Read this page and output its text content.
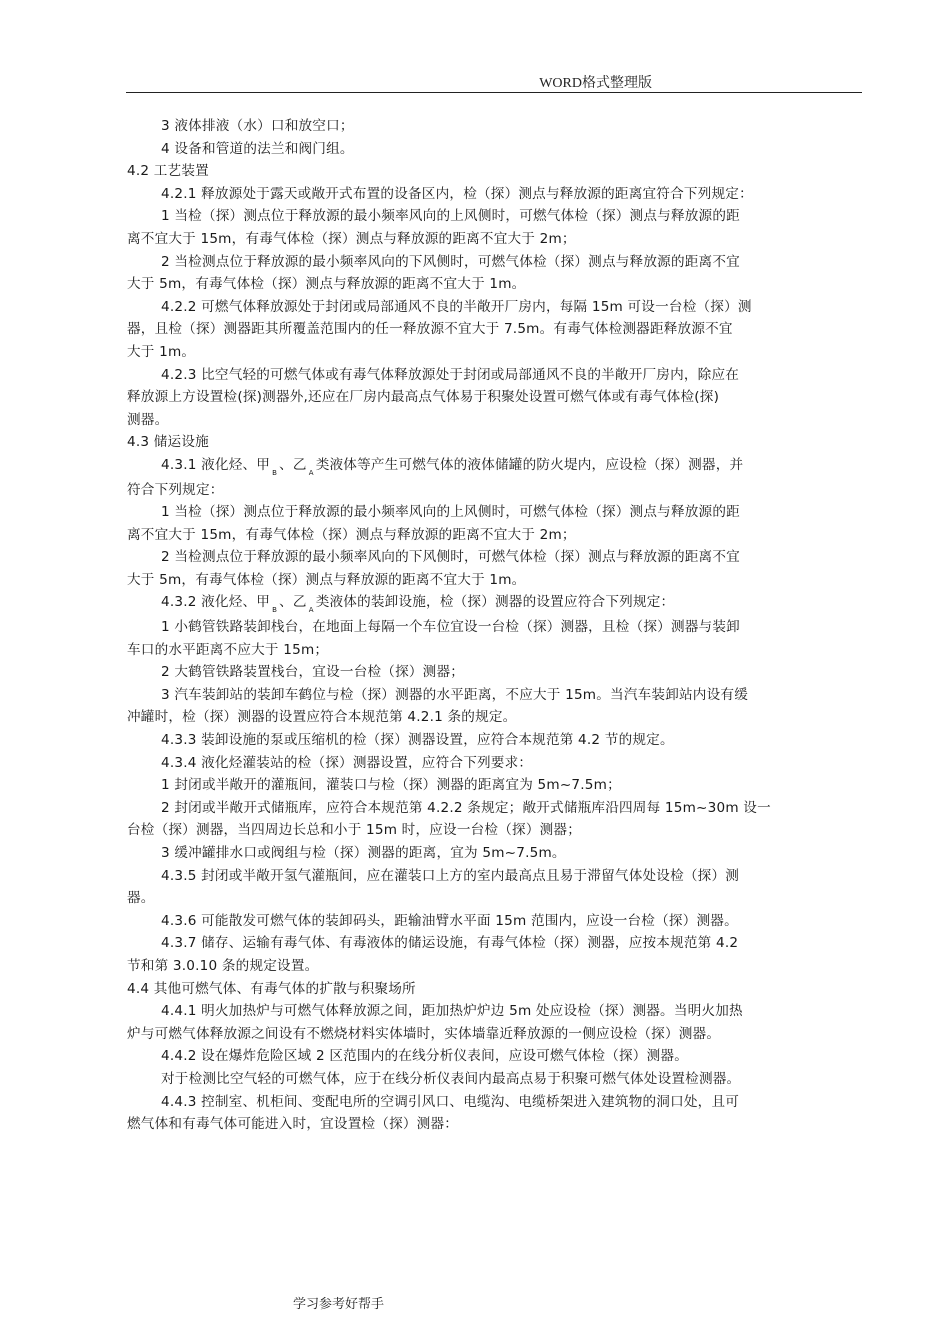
WORD格式整理版
3 液体排液（水）口和放空口；
4 设备和管道的法兰和阀门组。
4.2 工艺装置
4.2.1 释放源处于露天或敞开式布置的设备区内，检（探）测点与释放源的距离宜符合下列规定：
1 当检（探）测点位于释放源的最小频率风向的上风侧时，可燃气体检（探）测点与释放源的距
离不宜大于 15m，有毒气体检（探）测点与释放源的距离不宜大于 2m；
2 当检测点位于释放源的最小频率风向的下风侧时，可燃气体检（探）测点与释放源的距离不宜
大于 5m，有毒气体检（探）测点与释放源的距离不宜大于 1m。
4.2.2 可燃气体释放源处于封闭或局部通风不良的半敞开厂房内，每隔 15m 可设一台检（探）测
器，且检（探）测器距其所覆盖范围内的任一释放源不宜大于 7.5m。有毒气体检测器距释放源不宜
大于 1m。
4.2.3 比空气轻的可燃气体或有毒气体释放源处于封闭或局部通风不良的半敞开厂房内，除应在
释放源上方设置检(探)测器外,还应在厂房内最高点气体易于积聚处设置可燃气体或有毒气体检(探)
测器。
4.3 储运设施
4.3.1 液化烃、甲 $_B$ 、乙 $_A$ 类液体等产生可燃气体的液体储罐的防火堤内，应设检（探）测器，并
符合下列规定：
1 当检（探）测点位于释放源的最小频率风向的上风侧时，可燃气体检（探）测点与释放源的距
离不宜大于 15m，有毒气体检（探）测点与释放源的距离不宜大于 2m；
2 当检测点位于释放源的最小频率风向的下风侧时，可燃气体检（探）测点与释放源的距离不宜
大于 5m，有毒气体检（探）测点与释放源的距离不宜大于 1m。
4.3.2 液化烃、甲 $_B$ 、乙 $_A$ 类液体的装卸设施，检（探）测器的设置应符合下列规定：
1 小鹤管铁路装卸栈台，在地面上每隔一个车位宜设一台检（探）测器，且检（探）测器与装卸
车口的水平距离不应大于 15m；
2 大鹤管铁路装置栈台，宜设一台检（探）测器；
3 汽车装卸站的装卸车鹤位与检（探）测器的水平距离，不应大于 15m。当汽车装卸站内设有缓
冲罐时，检（探）测器的设置应符合本规范第 4.2.1 条的规定。
4.3.3 装卸设施的泵或压缩机的检（探）测器设置，应符合本规范第 4.2 节的规定。
4.3.4 液化烃灌装站的检（探）测器设置，应符合下列要求：
1 封闭或半敞开的灌瓶间，灌装口与检（探）测器的距离宜为 5m~7.5m；
2 封闭或半敞开式储瓶库，应符合本规范第 4.2.2 条规定；敞开式储瓶库沿四周每 15m~30m 设一
台检（探）测器，当四周边长总和小于 15m 时，应设一台检（探）测器；
3 缓冲罐排水口或阀组与检（探）测器的距离，宜为 5m~7.5m。
4.3.5 封闭或半敞开氢气灌瓶间，应在灌装口上方的室内最高点且易于滞留气体处设检（探）测
器。
4.3.6 可能散发可燃气体的装卸码头，距输油臂水平面 15m 范围内，应设一台检（探）测器。
4.3.7 储存、运输有毒气体、有毒液体的储运设施，有毒气体检（探）测器，应按本规范第 4.2
节和第 3.0.10 条的规定设置。
4.4 其他可燃气体、有毒气体的扩散与积聚场所
4.4.1 明火加热炉与可燃气体释放源之间，距加热炉炉边 5m 处应设检（探）测器。当明火加热
炉与可燃气体释放源之间设有不燃烧材料实体墙时，实体墙靠近释放源的一侧应设检（探）测器。
4.4.2 设在爆炸危险区域 2 区范围内的在线分析仪表间，应设可燃气体检（探）测器。
对于检测比空气轻的可燃气体，应于在线分析仪表间内最高点易于积聚可燃气体处设置检测器。
4.4.3 控制室、机柜间、变配电所的空调引风口、电缆沟、电缆桥架进入建筑物的洞口处，且可
燃气体和有毒气体可能进入时，宜设置检（探）测器：
学习参考好帮手
